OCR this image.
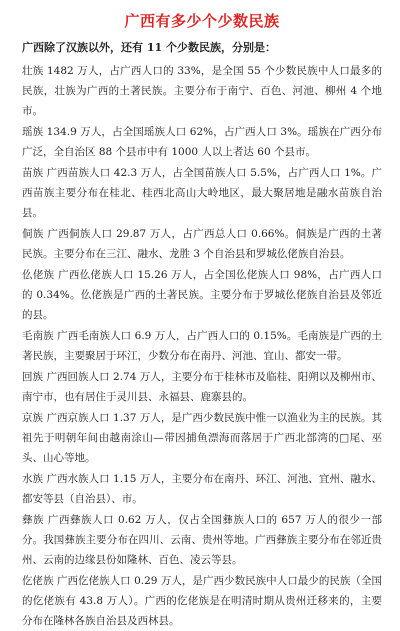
广西有多少个少数民族

广西除了汉族以外，还有 11 个少数民族，分别是：

壮族 1482 万人，占广西人口的 33%，是全国 55 个少数民族中人口最多的民族，壮族为广西的土著民族。主要分布于南宁、百色、河池、柳州 4 个地市。

瑶族 134.9 万人，占全国瑶族人口 62%，占广西人口 3%。瑶族在广西分布广泛，全自治区 88 个县市中有 1000 人以上者达 60 个县市。

苗族 广西苗族人口 42.3 万人，占全国苗族人口 5.5%，占广西人口 1%。广西苗族主要分布在桂北、桂西北高山大岭地区，最大聚居地是融水苗族自治县。

侗族 广西侗族人口 29.87 万人，占广西总人口 0.66%。侗族是广西的土著民族。主要分布在三江、融水、龙胜 3 个自治县和罗城仫佬族自治县。

仫佬族 广西仫佬族人口 15.26 万人，占全国仫佬族人口 98%，占广西人口的 0.34%。仫佬族是广西的土著民族。主要分布于罗城仫佬族自治县及邻近的县。

毛南族 广西毛南族人口 6.9 万人，占广西人口的 0.15%。毛南族是广西的土著民族，主要聚居于环江，少数分布在南丹、河池、宜山、都安一带。

回族 广西回族人口 2.74 万人，主要分布于桂林市及临桂、阳朔以及柳州市、南宁市，也有居住于灵川县、永福县、鹿寨县的。

京族 广西京族人口 1.37 万人，是广西少数民族中惟一以渔业为主的民族。其祖先于明朝年间由越南涂山—带因捕鱼漂海而落居于广西北部湾的□尾、巫头、山心等地。

水族 广西水族人口 1.15 万人，主要分布在南丹、环江、河池、宜州、融水、都安等县（自治县）、市。

彝族 广西彝族人口 0.62 万人，仅占全国彝族人口的 657 万人的很少一部分。我国彝族主要分布在四川、云南、贵州等地。广西彝族主要分布在邻近贵州、云南的边缘县份如隆林、百色、凌云等县。

仡佬族 广西仡佬族人口 0.29 万人，是广西少数民族中人口最少的民族（全国的仡佬族有 43.8 万人）。广西的仡佬族是在明清时期从贵州迁移来的，主要分布在隆林各族自治县及西林县。
